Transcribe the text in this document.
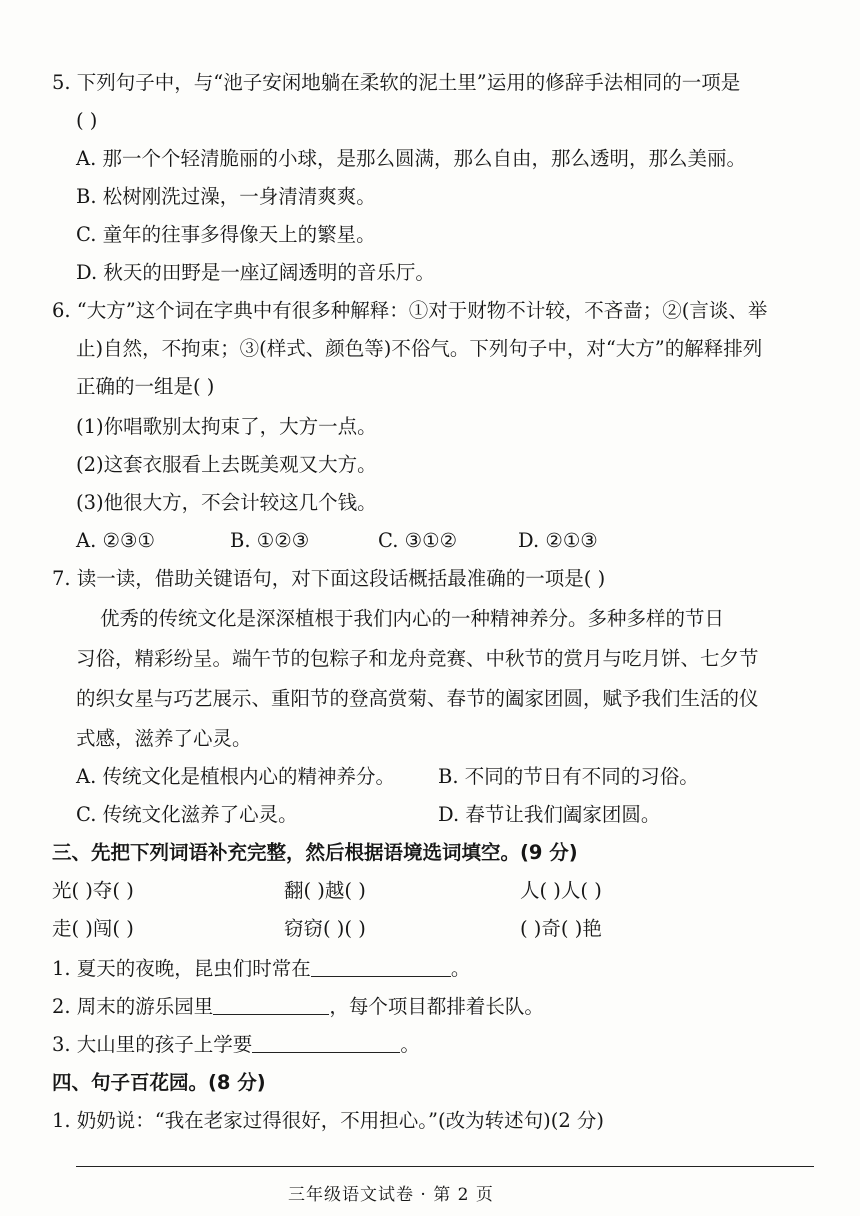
5. 下列句子中，与“池子安闲地躺在柔软的泥土里”运用的修辞手法相同的一项是
( )
A. 那一个个轻清脆丽的小球，是那么圆满，那么自由，那么透明，那么美丽。
B. 松树刚洗过澡，一身清清爽爽。
C. 童年的往事多得像天上的繁星。
D. 秋天的田野是一座辽阔透明的音乐厅。
6. “大方”这个词在字典中有很多种解释：①对于财物不计较，不吝啬；②(言谈、举
止)自然，不拘束；③(样式、颜色等)不俗气。下列句子中，对“大方”的解释排列
正确的一组是( )
(1)你唱歌别太拘束了，大方一点。
(2)这套衣服看上去既美观又大方。
(3)他很大方，不会计较这几个钱。
A. ②③①	B. ①②③	C. ③①②	D. ②①③
7. 读一读，借助关键语句，对下面这段话概括最准确的一项是( )
优秀的传统文化是深深植根于我们内心的一种精神养分。多种多样的节日
习俗，精彩纷呈。端午节的包粽子和龙舟竞赛、中秋节的赏月与吃月饼、七夕节
的织女星与巧艺展示、重阳节的登高赏菊、春节的阖家团圆，赋予我们生活的仪
式感，滋养了心灵。
A. 传统文化是植根内心的精神养分。 B. 不同的节日有不同的习俗。
C. 传统文化滋养了心灵。	D. 春节让我们阖家团圆。
三、先把下列词语补充完整，然后根据语境选词填空。(9 分)
光( )夺( )	翻( )越( )	人( )人( )
走( )闯( )	窃窃( )( )	( )奇( )艳
1. 夏天的夜晚，昆虫们时常在	。
2. 周末的游乐园里	，每个项目都排着长队。
3. 大山里的孩子上学要	。
四、句子百花园。(8 分)
1. 奶奶说：“我在老家过得很好，不用担心。”(改为转述句)(2 分)
三年级语文试卷 · 第 2 页
